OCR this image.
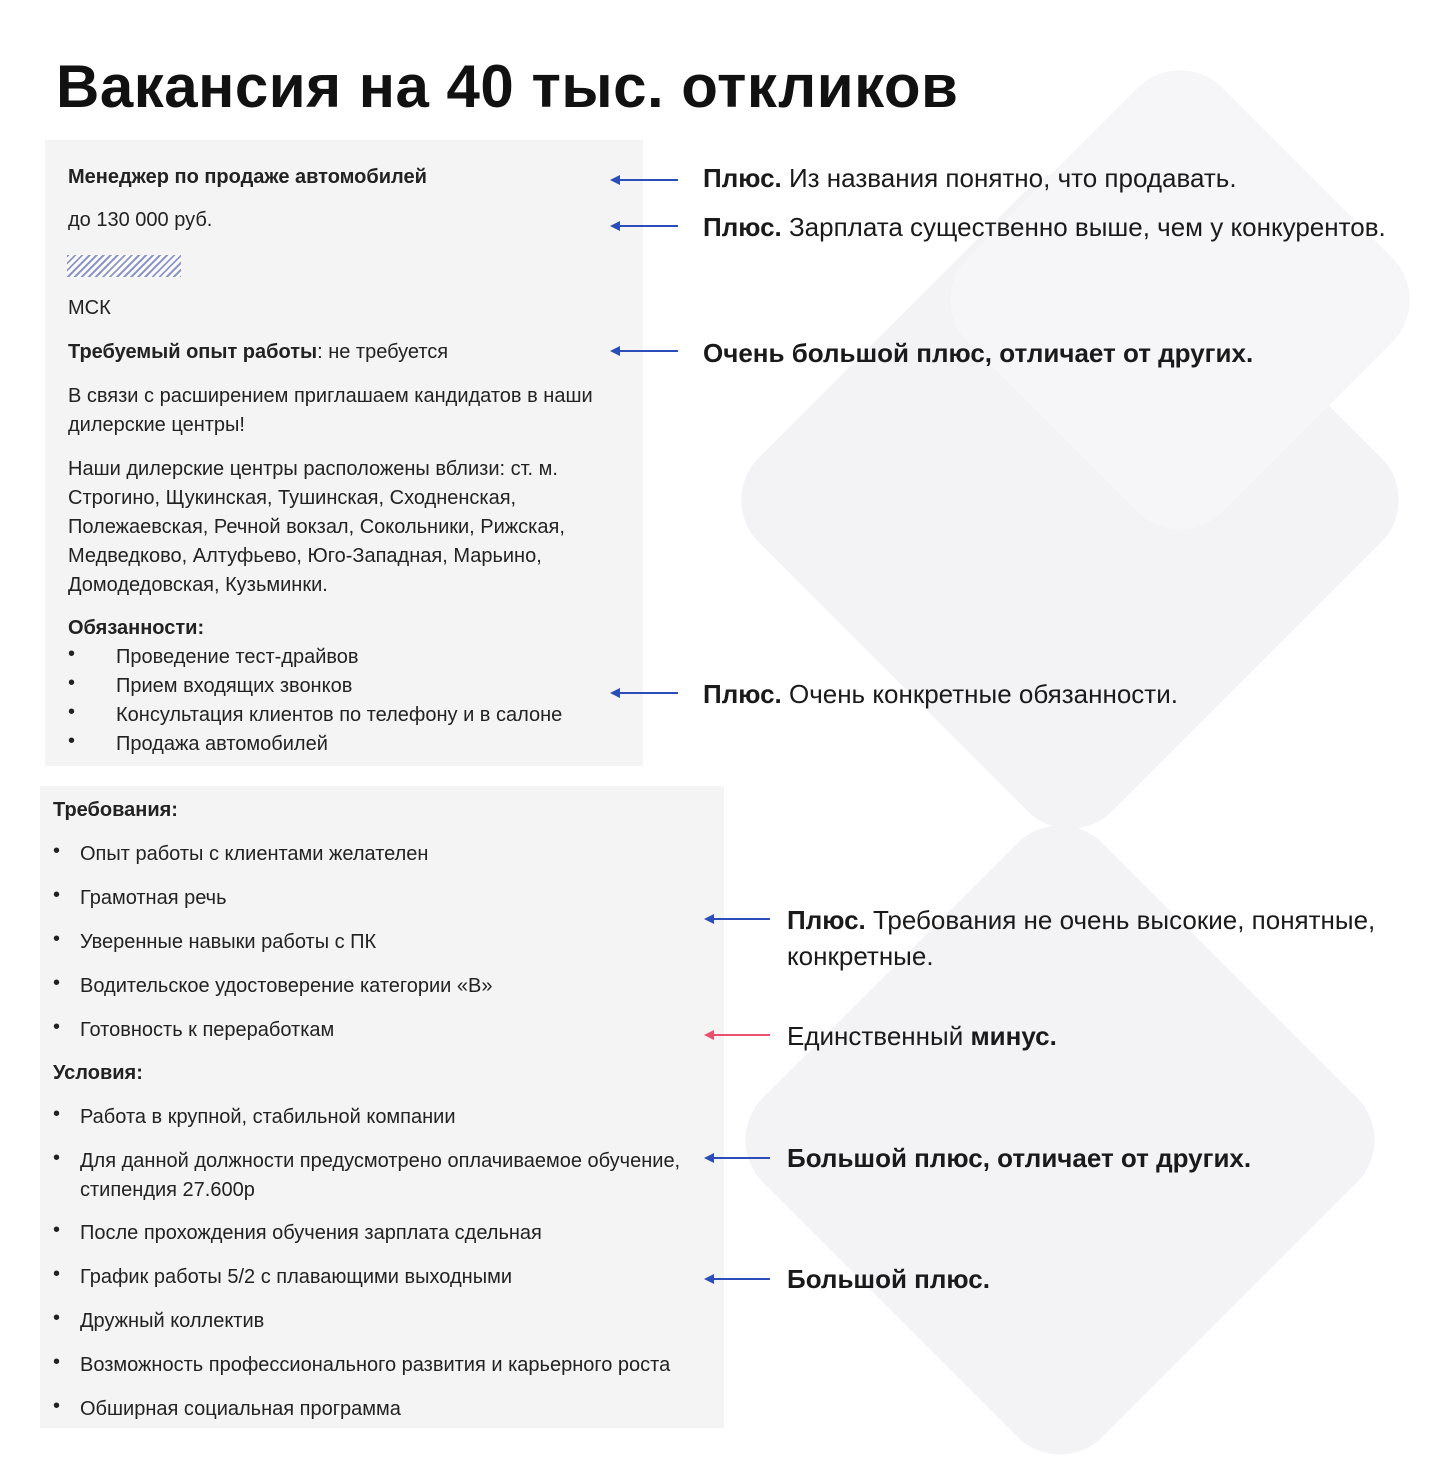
Вакансия на 40 тыс. откликов
Менеджер по продаже автомобилей
до 130 000 руб.
МСК
Требуемый опыт работы: не требуется
В связи с расширением приглашаем кандидатов в наши
дилерские центры!
Наши дилерские центры расположены вблизи: ст. м.
Строгино, Щукинская, Тушинская, Сходненская,
Полежаевская, Речной вокзал, Сокольники, Рижская,
Медведково, Алтуфьево, Юго-Западная, Марьино,
Домодедовская, Кузьминки.
Обязанности:
• Проведение тест-драйвов
• Прием входящих звонков
• Консультация клиентов по телефону и в салоне
• Продажа автомобилей
Требования:
• Опыт работы с клиентами желателен
• Грамотная речь
• Уверенные навыки работы с ПК
• Водительское удостоверение категории «В»
• Готовность к переработкам
Условия:
• Работа в крупной, стабильной компании
• Для данной должности предусмотрено оплачиваемое обучение,
стипендия 27.600р
• После прохождения обучения зарплата сдельная
• График работы 5/2 с плавающими выходными
• Дружный коллектив
• Возможность профессионального развития и карьерного роста
• Обширная социальная программа
Плюс. Из названия понятно, что продавать.
Плюс. Зарплата существенно выше, чем у конкурентов.
Очень большой плюс, отличает от других.
Плюс. Очень конкретные обязанности.
Плюс. Требования не очень высокие, понятные,
конкретные.
Единственный минус.
Большой плюс, отличает от других.
Большой плюс.
